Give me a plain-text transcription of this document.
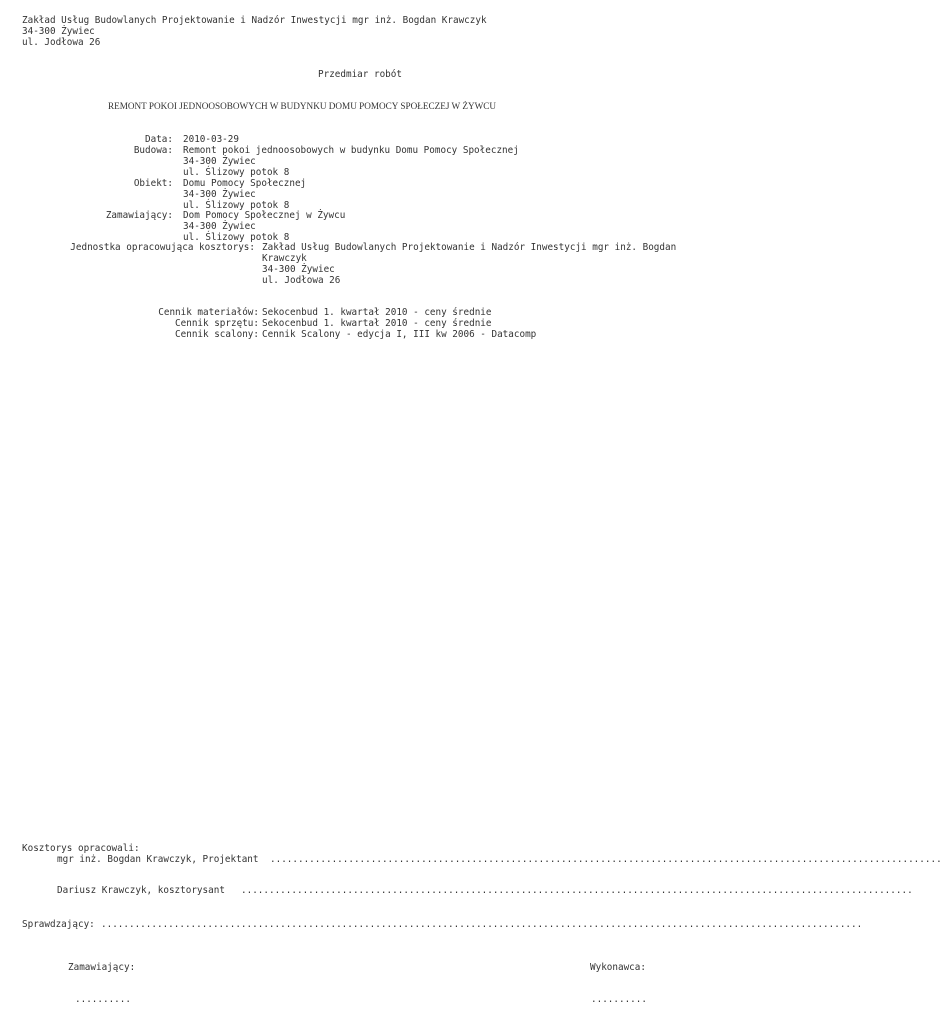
Zakład Usług Budowlanych Projektowanie i Nadzór Inwestycji mgr inż. Bogdan Krawczyk
34-300 Żywiec
ul. Jodłowa 26
Przedmiar robót
REMONT POKOI JEDNOOSOBOWYCH W BUDYNKU DOMU POMOCY SPOŁECZEJ W ŻYWCU
Data: 2010-03-29
Budowa: Remont pokoi jednoosobowych w budynku Domu Pomocy Społecznej
34-300 Żywiec
ul. Ślizowy potok 8
Obiekt: Domu Pomocy Społecznej
34-300 Żywiec
ul. Ślizowy potok 8
Zamawiający: Dom Pomocy Społecznej w Żywcu
34-300 Żywiec
ul. Ślizowy potok 8
Jednostka opracowująca kosztorys: Zakład Usług Budowlanych Projektowanie i Nadzór Inwestycji mgr inż. Bogdan
Krawczyk
34-300 Żywiec
ul. Jodłowa 26
Cennik materiałów: Sekocenbud 1. kwartał 2010 - ceny średnie
Cennik sprzętu: Sekocenbud 1. kwartał 2010 - ceny średnie
Cennik scalony: Cennik Scalony - edycja I, III kw 2006 - Datacomp
Kosztorys opracowali:
mgr inż. Bogdan Krawczyk, Projektant ........................................................................................................................
Dariusz Krawczyk, kosztorysant ........................................................................................................................
Sprawdzający: ........................................................................................................................................
Zamawiający:	Wykonawca:
..........	..........
